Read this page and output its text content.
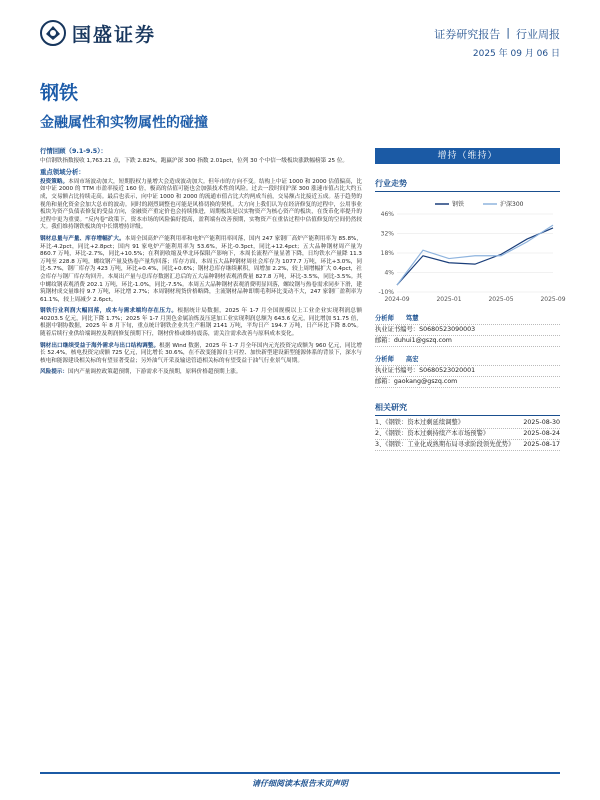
国盛证券	证券研究报告 | 行业周报
2025 年 09 月 06 日
钢铁
金融属性和实物属性的碰撞
行情回顾（9.1-9.5）：
中信钢铁指数报收 1,763.21 点，下跌 2.82%，跑赢沪深 300 指数 2.01pct，位列 30 个中信一级板块涨跌幅榜第 25 位。
重点领域分析：
投资策略。本周市场波动加大，短期股权力量增大会造成波动加大。但年市的方向不变。结构上中证 1000 和 2000 估值偏高，比如中证 2000 的 TTM 市盈率接近 160 倍，极高的估值可能也会加强技术性的风险。过去一段时间沪深 300 涨速市值占比大约五成，交易额占比持续走高。最后也表示，向中证 1000 和 2000 的流通市值占比大约两成当前，交易额占比接近五成。基于趋势的视角和量化资金会加大总市的波动。同时的剧烈调整也可能是风格切换的契机。大方向上我们认为在经济修复的过程中，公用事业板块为资产负债表修复的受益方向，金融资产重定价也会持续推进，周期板块是以实物资产为核心资产的板块，在货币化率提升的过程中更为重要。“反内卷”政策下，资本市场的风险偏好提高，盈利端有改善预期，实物资产在重估过程中估值修复的空间仍然较大。我们维持钢铁板块的中长期增持评级。
钢材总量与产量、库存增幅扩大。本周全国高炉产能利用率和电炉产能利用率回落，国内 247 家钢厂高炉产能利用率为 85.8%，环比-4.2pct，同比+2.8pct；国内 91 家电炉产能利用率为 53.6%，环比-0.3pct，同比+12.4pct；五大品种钢材周产量为 860.7 万吨，环比-2.7%，同比+10.5%；在利润收缩及华北环保限产影响下，本周长流程产量显著下降，日均铁水产量降 11.3 万吨至 228.8 万吨，螺纹钢产量及热卷产量均回落；库存方面，本周五大品种钢材周社会库存为 1077.7 万吨，环比+3.0%，同比-5.7%，钢厂库存为 423 万吨，环比+0.4%，同比+0.6%；钢材总库存继续累积，周增加 2.2%，较上周增幅扩大 0.4pct，社会库存与钢厂库存均回升。本周出产量与总库存数据汇总后的五大品种钢材表观消费量 827.8 万吨，环比-3.5%，同比-3.5%。其中螺纹钢表观消费 202.1 万吨，环比-1.0%，同比-7.5%。本周五大品种钢材表观消费明显回落，螺纹钢与热卷需求同步下滑，建筑钢材成交量维持 9.7 万吨，环比增 2.7%；本周钢材现货价格略降，主流钢材品种即期毛利环比变动不大，247 家钢厂盈利率为 61.1%，较上周减少 2.6pct。
钢铁行业利润大幅回落，成本与需求端均存在压力。根据统计局数据，2025 年 1-7 月全国规模以上工业企业实现利润总额 40203.5 亿元，同比下降 1.7%；2025 年 1-7 月黑色金属冶炼及压延加工业实现利润总额为 643.6 亿元，同比增加 51.75 倍，根据中钢协数据，2025 年 8 月下旬，重点统计钢铁企业共生产粗钢 2141 万吨，平均日产 194.7 万吨，日产环比下降 8.0%。随着后续行业供给端调控及利润修复预期下行，钢材价格或维持震荡，需关注需求改善与原料成本变化。
钢材出口继续受益于海外需求与出口结构调整。根据 Wind 数据，2025 年 1-7 月全年国内元光投资完成额为 960 亿元，同比增长 52.4%，核电投资完成额 725 亿元，同比增长 30.6%，在不改变能源自主可控、加快新型建设新型能源体系的背景下，深水与核电和能源建设相关标的有望显著受益；另外油气开采及输送管道相关标的有望受益于油气行业景气周期。
风险提示：国内产量调控政策超预期，下游需求不及预期，原料价格超预期上涨。
增持（维持）
行业走势
-10%
4%
18%
32%
46%
2024-09	2025-01	2025-05	2025-09
钢铁	沪深300
分析师 笃慧
执业证书编号：S0680523090003
邮箱：duhui1@gszq.com
分析师 高宏
执业证书编号：S0680523020001
邮箱：gaokang@gszq.com
相关研究
1、《钢铁：资本过剩延续调整》	2025-08-30
2、《钢铁：资本过剩持续产本市场预警》	2025-08-24
3、《钢铁：工业化成熟期布局寻求阶段领先优势》 2025-08-17
请仔细阅读本报告末页声明
